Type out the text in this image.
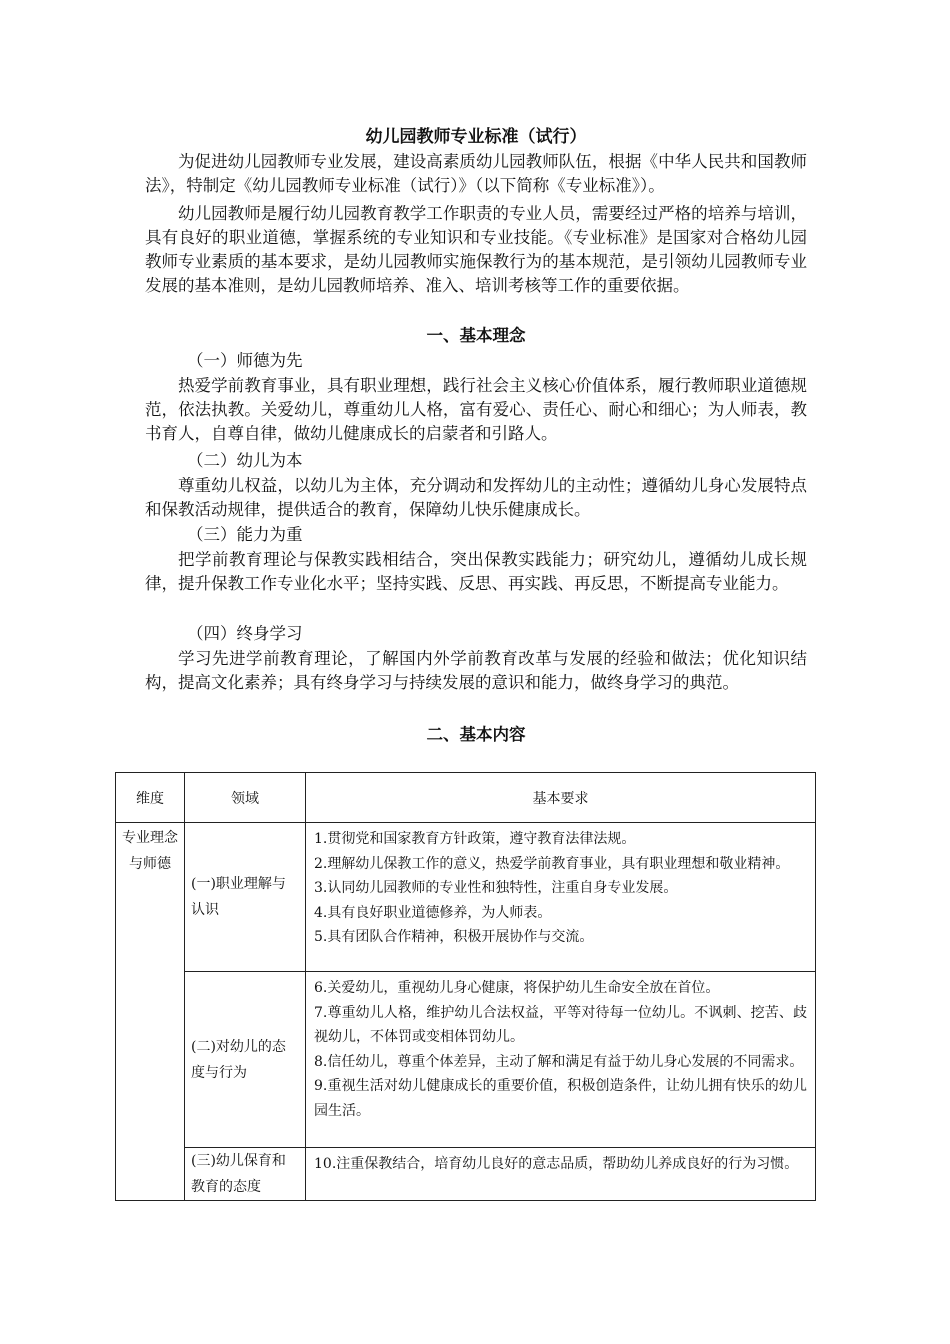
幼儿园教师专业标准（试行）
为促进幼儿园教师专业发展，建设高素质幼儿园教师队伍，根据《中华人民共和国教师法》，特制定《幼儿园教师专业标准（试行）》（以下简称《专业标准》）。
幼儿园教师是履行幼儿园教育教学工作职责的专业人员，需要经过严格的培养与培训，具有良好的职业道德，掌握系统的专业知识和专业技能。《专业标准》是国家对合格幼儿园教师专业素质的基本要求，是幼儿园教师实施保教行为的基本规范，是引领幼儿园教师专业发展的基本准则，是幼儿园教师培养、准入、培训考核等工作的重要依据。
一、基本理念
（一）师德为先
热爱学前教育事业，具有职业理想，践行社会主义核心价值体系，履行教师职业道德规范，依法执教。关爱幼儿，尊重幼儿人格，富有爱心、责任心、耐心和细心；为人师表，教书育人，自尊自律，做幼儿健康成长的启蒙者和引路人。
（二）幼儿为本
尊重幼儿权益，以幼儿为主体，充分调动和发挥幼儿的主动性；遵循幼儿身心发展特点和保教活动规律，提供适合的教育，保障幼儿快乐健康成长。
（三）能力为重
把学前教育理论与保教实践相结合，突出保教实践能力；研究幼儿，遵循幼儿成长规律，提升保教工作专业化水平；坚持实践、反思、再实践、再反思，不断提高专业能力。
（四）终身学习
学习先进学前教育理论，了解国内外学前教育改革与发展的经验和做法；优化知识结构，提高文化素养；具有终身学习与持续发展的意识和能力，做终身学习的典范。
二、基本内容
维度	领域	基本要求
专业理念与师德	(一)职业理解与认识	1.贯彻党和国家教育方针政策，遵守教育法律法规。

2.理解幼儿保教工作的意义，热爱学前教育事业，具有职业理想和敬业精神。

3.认同幼儿园教师的专业性和独特性，注重自身专业发展。

4.具有良好职业道德修养，为人师表。

5.具有团队合作精神，积极开展协作与交流。

	(二)对幼儿的态度与行为	6.关爱幼儿，重视幼儿身心健康，将保护幼儿生命安全放在首位。

7.尊重幼儿人格，维护幼儿合法权益，平等对待每一位幼儿。不讽刺、挖苦、歧视幼儿，不体罚或变相体罚幼儿。

8.信任幼儿，尊重个体差异，主动了解和满足有益于幼儿身心发展的不同需求。

9.重视生活对幼儿健康成长的重要价值，积极创造条件，让幼儿拥有快乐的幼儿园生活。

	(三)幼儿保育和教育的态度	10.注重保教结合，培育幼儿良好的意志品质，帮助幼儿养成良好的行为习惯。
